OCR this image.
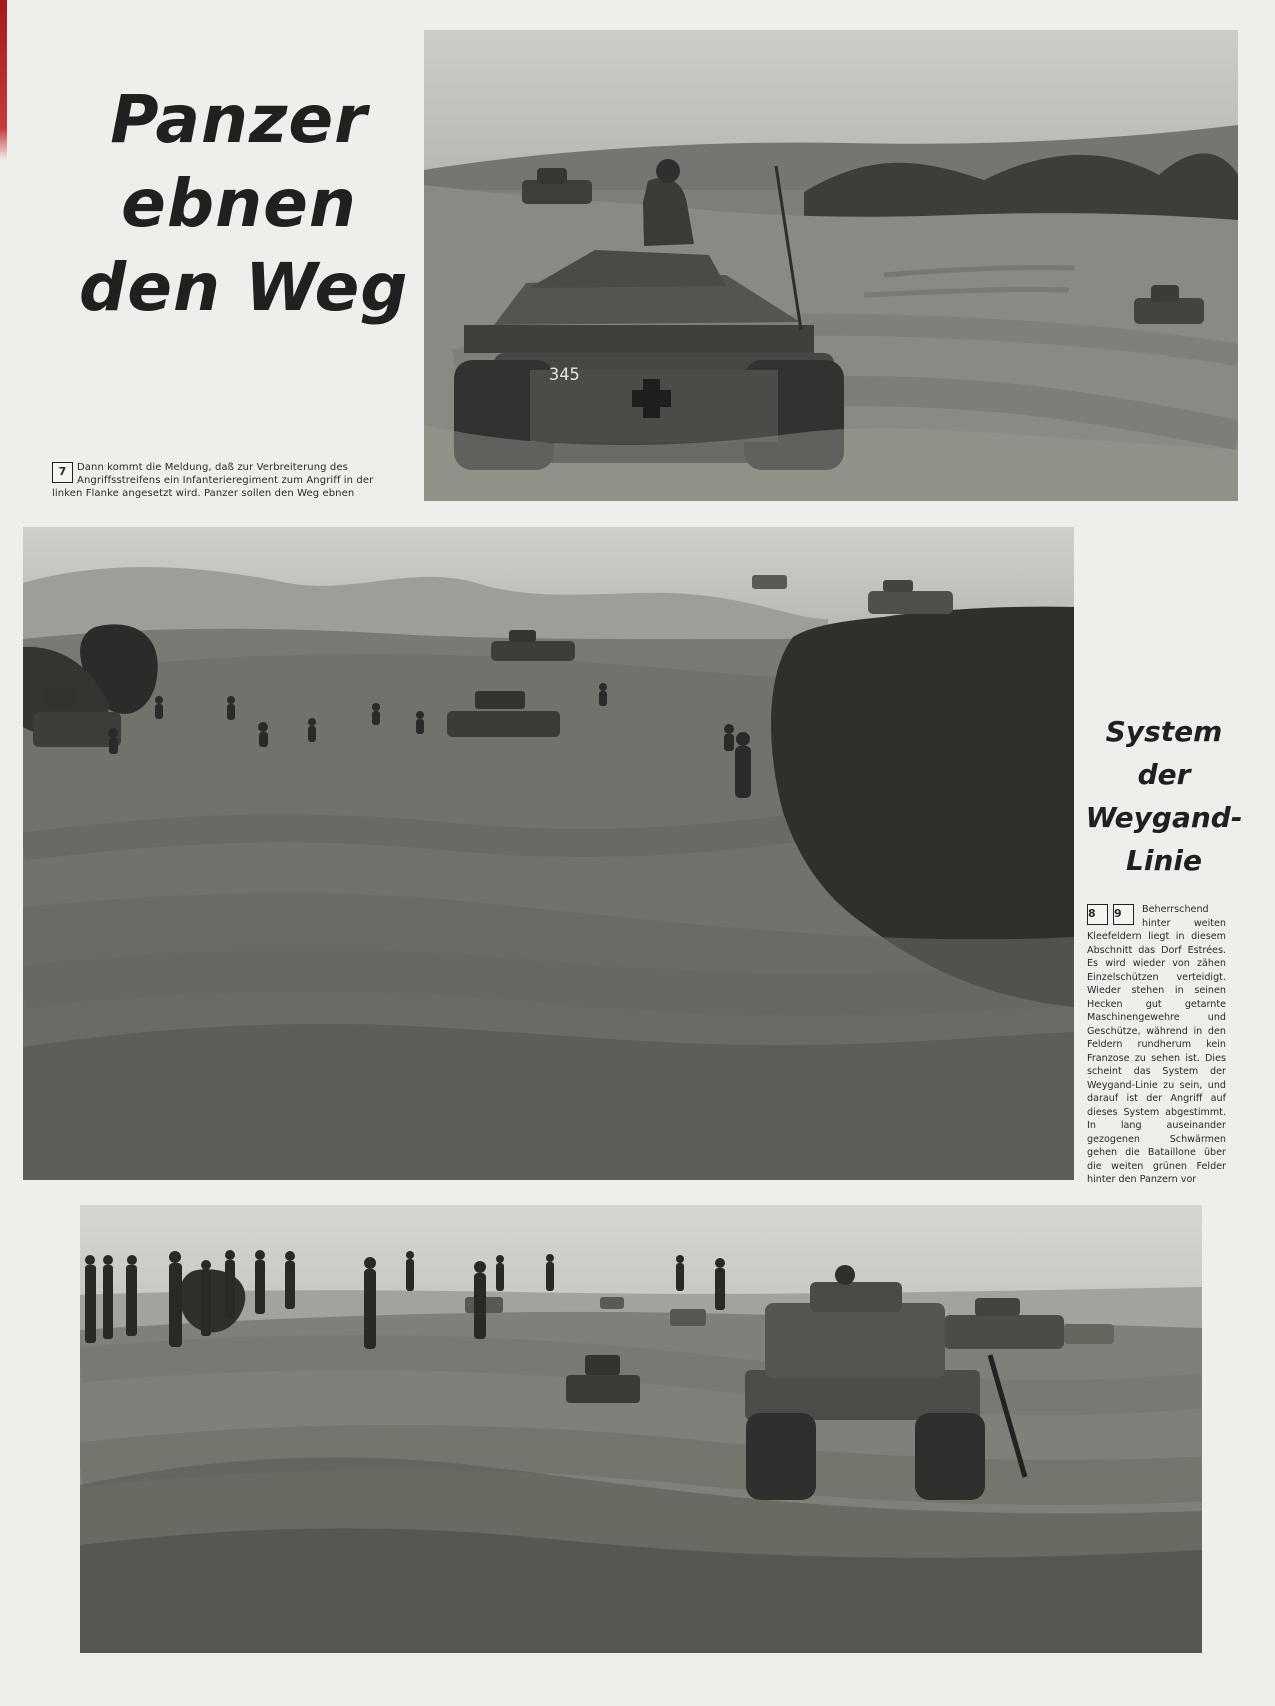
Panzer
ebnen
den Weg
7	Dann kommt die Meldung, daß zur Verbreiterung des Angriffsstreifens ein Infanterieregiment zum Angriff in der linken Flanke angesetzt wird. Panzer sollen den Weg ebnen
345
System
der
Weygand-
Linie
8	9	Beherrschend hinter weiten Kleefeldern liegt in diesem Abschnitt das Dorf Estrées. Es wird wieder von zähen Einzelschützen verteidigt. Wieder stehen in seinen Hecken gut getarnte Maschinengewehre und Geschütze, während in den Feldern rundherum kein Franzose zu sehen ist. Dies scheint das System der Weygand-Linie zu sein, und darauf ist der Angriff auf dieses System abgestimmt. In lang auseinander gezogenen Schwärmen gehen die Bataillone über die weiten grünen Felder hinter den Panzern vor
